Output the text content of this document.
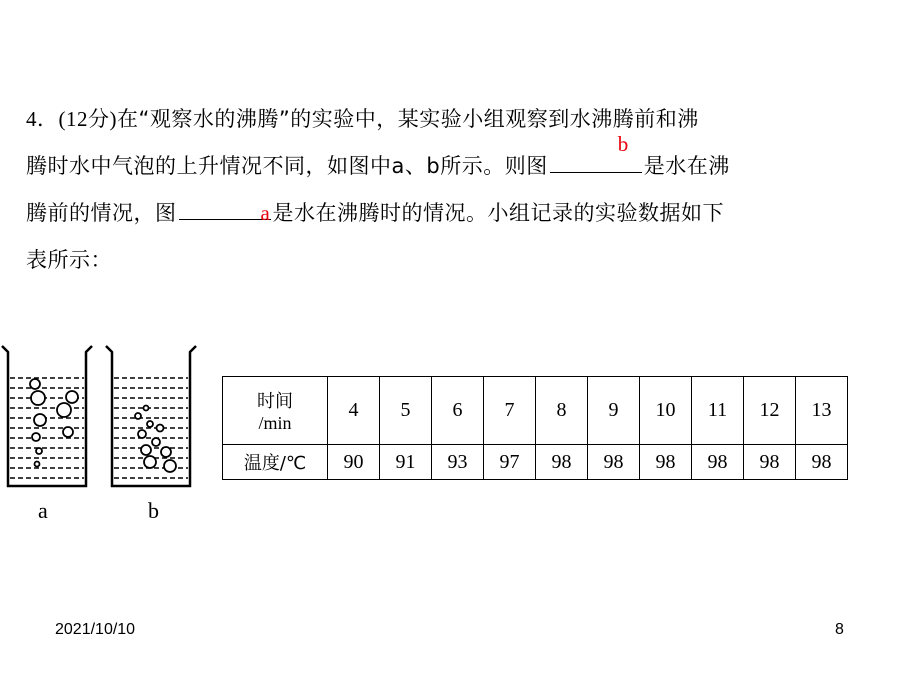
4．(12分)在“观察水的沸腾”的实验中，某实验小组观察到水沸腾前和沸
腾时水中气泡的上升情况不同，如图中a、b所示。则图
b
是水在沸
腾前的情况，图	a 是水在沸腾时的情况。小组记录的实验数据如下
表所示：
a	b
时间
/min	4	5	6	7	8	9	10	11	12	13
温度/℃	90	91	93	97	98	98	98	98	98	98
2021/10/10	8
